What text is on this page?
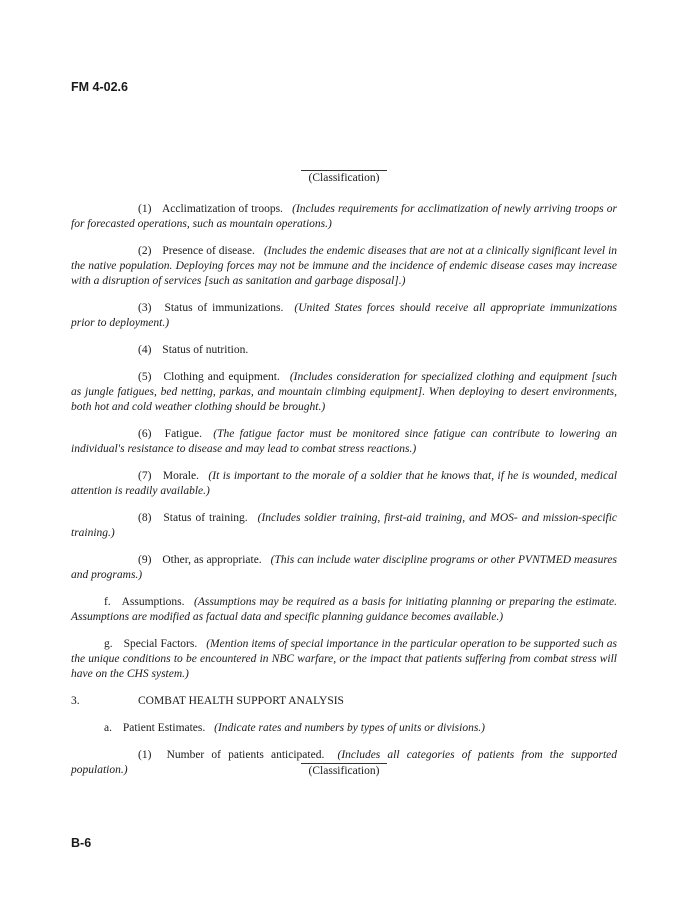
FM 4-02.6
(Classification)

(1) Acclimatization of troops. (Includes requirements for acclimatization of newly arriving troops or for forecasted operations, such as mountain operations.)

(2) Presence of disease. (Includes the endemic diseases that are not at a clinically significant level in the native population. Deploying forces may not be immune and the incidence of endemic disease cases may increase with a disruption of services [such as sanitation and garbage disposal].)

(3) Status of immunizations. (United States forces should receive all appropriate immunizations prior to deployment.)

(4) Status of nutrition.

(5) Clothing and equipment. (Includes consideration for specialized clothing and equipment [such as jungle fatigues, bed netting, parkas, and mountain climbing equipment]. When deploying to desert environments, both hot and cold weather clothing should be brought.)

(6) Fatigue. (The fatigue factor must be monitored since fatigue can contribute to lowering an individual's resistance to disease and may lead to combat stress reactions.)

(7) Morale. (It is important to the morale of a soldier that he knows that, if he is wounded, medical attention is readily available.)

(8) Status of training. (Includes soldier training, first-aid training, and MOS- and mission-specific training.)

(9) Other, as appropriate. (This can include water discipline programs or other PVNTMED measures and programs.)

f. Assumptions. (Assumptions may be required as a basis for initiating planning or preparing the estimate. Assumptions are modified as factual data and specific planning guidance becomes available.)

g. Special Factors. (Mention items of special importance in the particular operation to be supported such as the unique conditions to be encountered in NBC warfare, or the impact that patients suffering from combat stress will have on the CHS system.)

3.	COMBAT HEALTH SUPPORT ANALYSIS

a. Patient Estimates. (Indicate rates and numbers by types of units or divisions.)

(1) Number of patients anticipated. (Includes all categories of patients from the supported population.)	(Classification)
B-6
